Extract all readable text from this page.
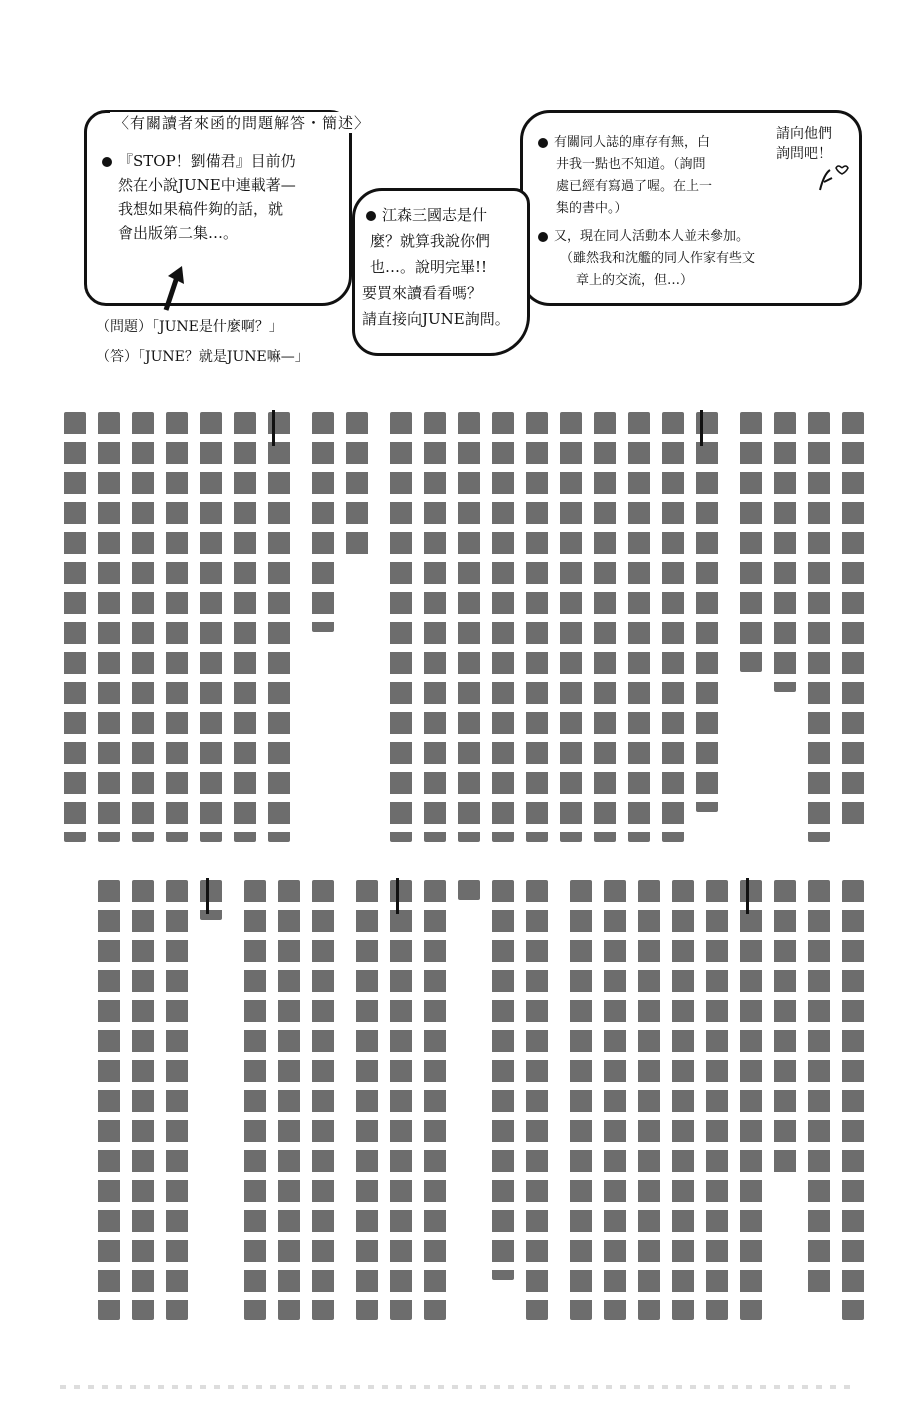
〈有關讀者來函的問題解答・簡述〉
『STOP！劉備君』目前仍
然在小說JUNE中連載著—
我想如果稿件夠的話，就
會出版第二集…。
江森三國志是什
麼？就算我說你們
也…。說明完畢!!
要買來讀看看嗎？
請直接向JUNE詢問。
有關同人誌的庫存有無，白
井我一點也不知道。（詢問
處已經有寫過了喔。在上一
集的書中。）
又，現在同人活動本人並未參加。
（雖然我和沈艦的同人作家有些文
章上的交流，但…）
請向他們
詢問吧！
（問題）「JUNE是什麼啊？」
（答）「JUNE？就是JUNE嘛—」
